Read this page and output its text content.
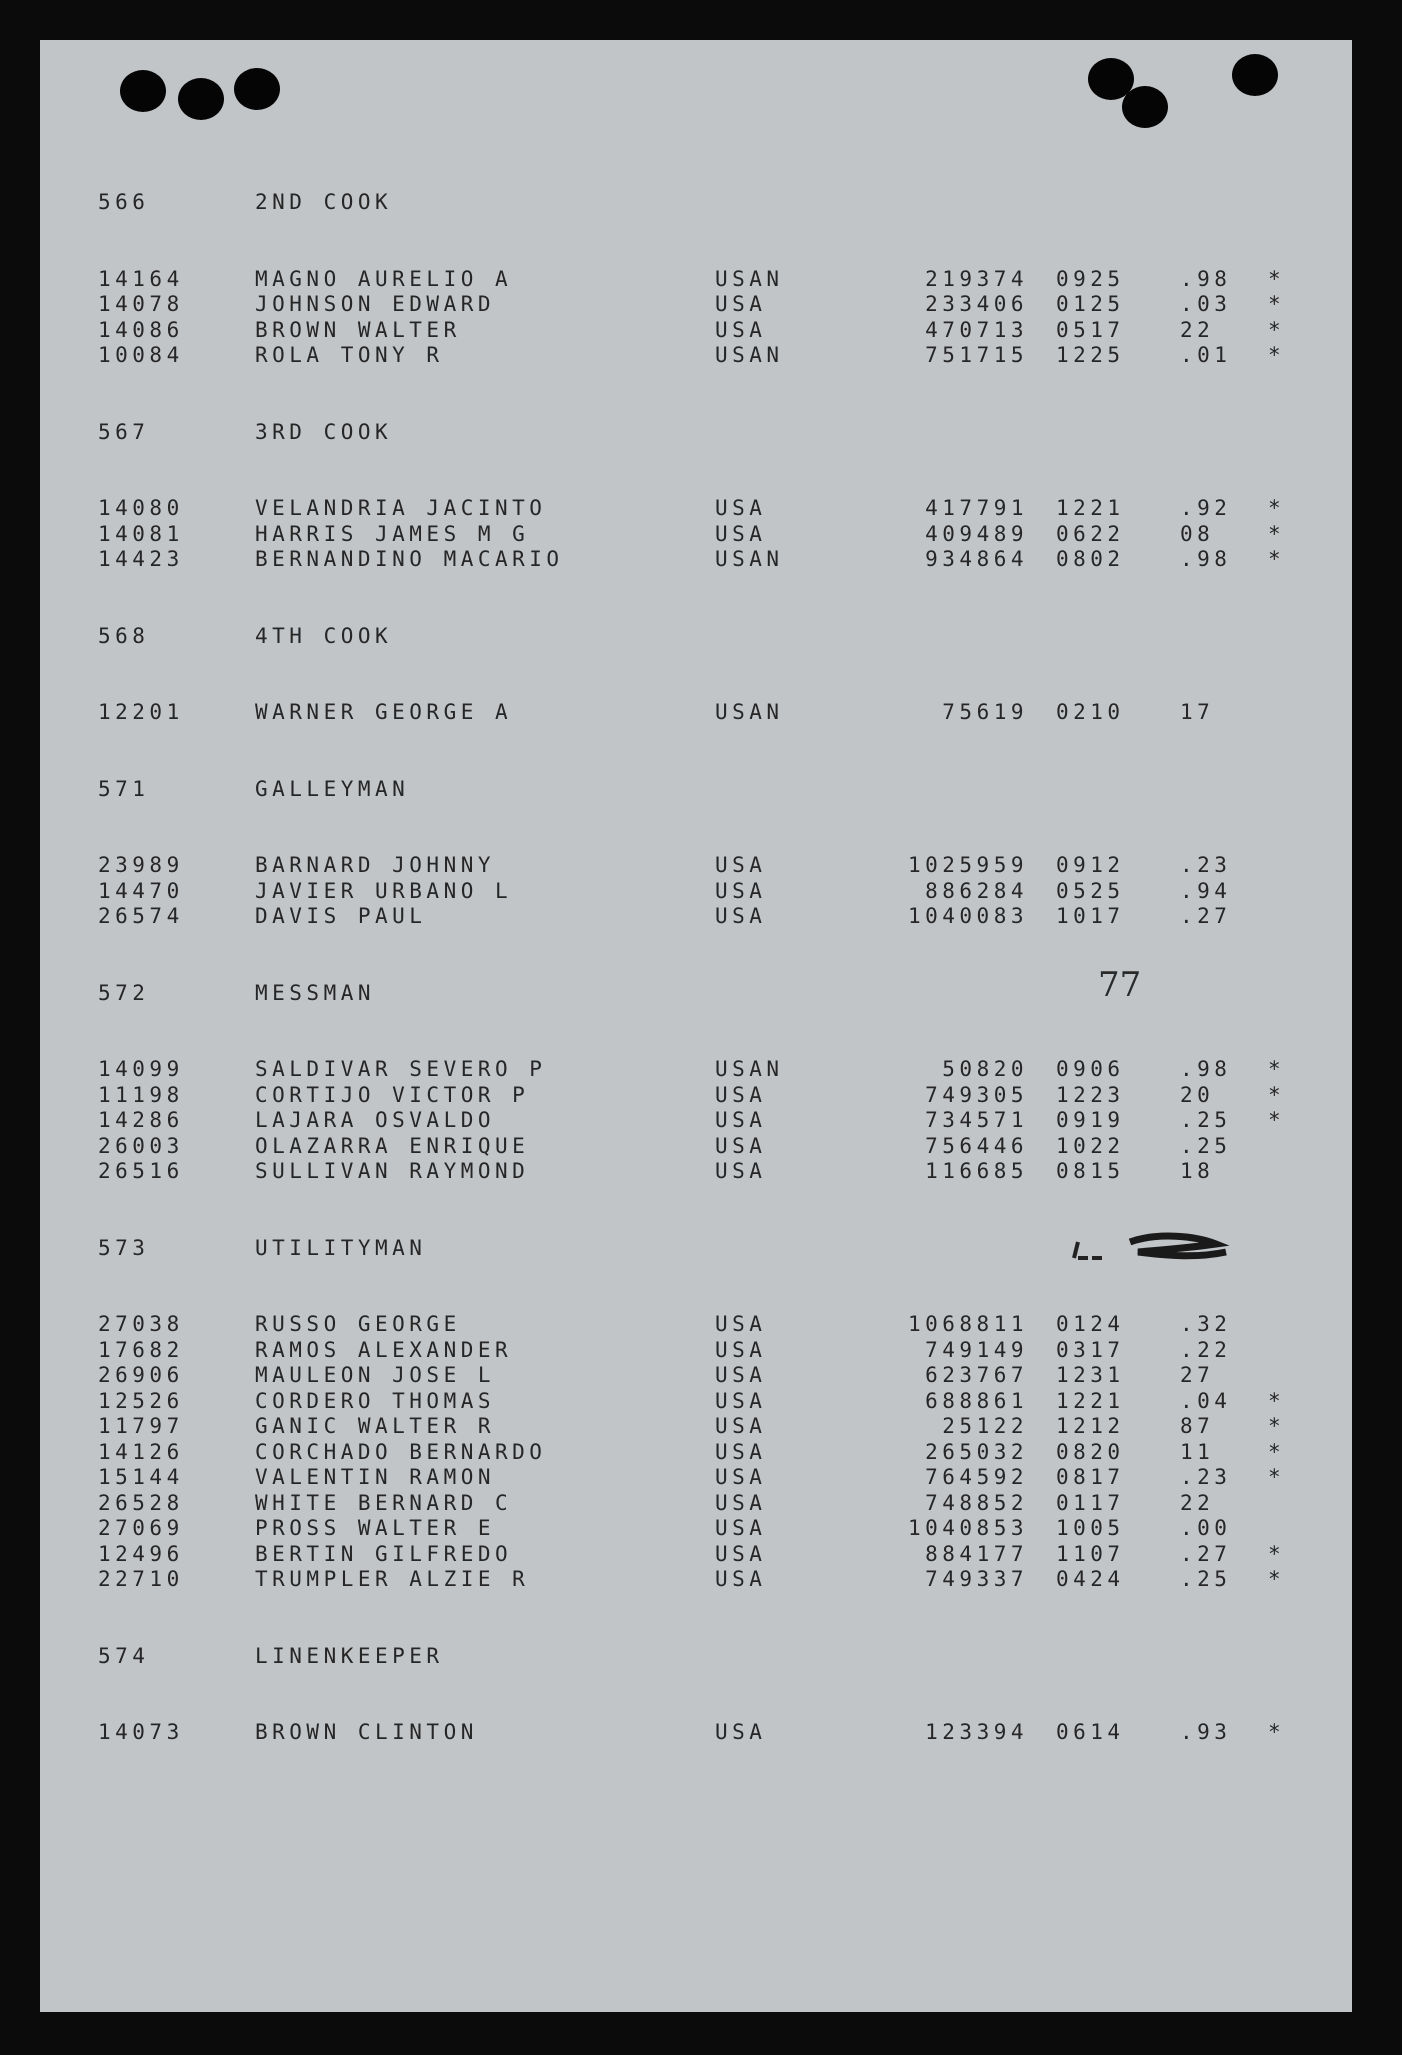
566	2ND COOK
14164	MAGNO AURELIO A	USAN	219374 0925	.98 *
14078	JOHNSON EDWARD	USA	233406 0125	.03 *
14086	BROWN WALTER	USA	470713 0517	22	*
10084	ROLA TONY R	USAN	751715 1225	.01 *
567	3RD COOK
14080	VELANDRIA JACINTO	USA	417791 1221	.92 *
14081	HARRIS JAMES M G	USA	409489 0622	08	*
14423	BERNANDINO MACARIO	USAN	934864 0802	.98 *
568	4TH COOK
12201	WARNER GEORGE A	USAN	75619 0210	17
571	GALLEYMAN
23989	BARNARD JOHNNY	USA	1025959 0912	.23
14470	JAVIER URBANO L	USA	886284 0525	.94
26574	DAVIS PAUL	USA	1040083 1017	.27
572	MESSMAN	77
14099	SALDIVAR SEVERO P	USAN	50820 0906	.98 *
11198	CORTIJO VICTOR P	USA	749305 1223	20	*
14286	LAJARA OSVALDO	USA	734571 0919	.25 *
26003	OLAZARRA ENRIQUE	USA	756446 1022	.25
26516	SULLIVAN RAYMOND	USA	116685 0815	18
573	UTILITYMAN
27038	RUSSO GEORGE	USA	1068811 0124	.32
17682	RAMOS ALEXANDER	USA	749149 0317	.22
26906	MAULEON JOSE L	USA	623767 1231	27
12526	CORDERO THOMAS	USA	688861 1221	.04 *
11797	GANIC WALTER R	USA	25122 1212	87	*
14126	CORCHADO BERNARDO	USA	265032 0820	11	*
15144	VALENTIN RAMON	USA	764592 0817	.23 *
26528	WHITE BERNARD C	USA	748852 0117	22
27069	PROSS WALTER E	USA	1040853 1005	.00
12496	BERTIN GILFREDO	USA	884177 1107	.27 *
22710	TRUMPLER ALZIE R	USA	749337 0424	.25 *
574	LINENKEEPER
14073	BROWN CLINTON	USA	123394 0614	.93 *
